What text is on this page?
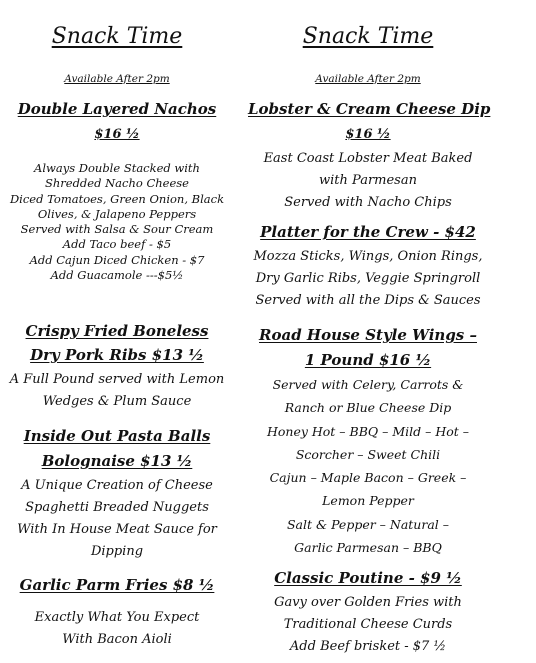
Snack Time
Available After 2pm
Double Layered Nachos
$16 ½
Always Double Stacked with
Shredded Nacho Cheese
Diced Tomatoes, Green Onion, Black
Olives, & Jalapeno Peppers
Served with Salsa & Sour Cream
Add Taco beef - $5
Add Cajun Diced Chicken - $7
Add Guacamole ---$5½
Crispy Fried Boneless
Dry Pork Ribs $13 ½
A Full Pound served with Lemon
Wedges & Plum Sauce
Inside Out Pasta Balls
Bolognaise $13 ½
A Unique Creation of Cheese
Spaghetti Breaded Nuggets
With In House Meat Sauce for
Dipping
Garlic Parm Fries $8 ½
Exactly What You Expect
With Bacon Aioli
Snack Time
Available After 2pm
Lobster & Cream Cheese Dip
$16 ½
East Coast Lobster Meat Baked
with Parmesan
Served with Nacho Chips
Platter for the Crew - $42
Mozza Sticks, Wings, Onion Rings,
Dry Garlic Ribs, Veggie Springroll
Served with all the Dips & Sauces
Road House Style Wings –
1 Pound $16 ½
Served with Celery, Carrots &
Ranch or Blue Cheese Dip
Honey Hot – BBQ – Mild – Hot –
Scorcher – Sweet Chili
Cajun – Maple Bacon – Greek –
Lemon Pepper
Salt & Pepper – Natural –
Garlic Parmesan – BBQ
Classic Poutine - $9 ½
Gavy over Golden Fries with
Traditional Cheese Curds
Add Beef brisket - $7 ½
